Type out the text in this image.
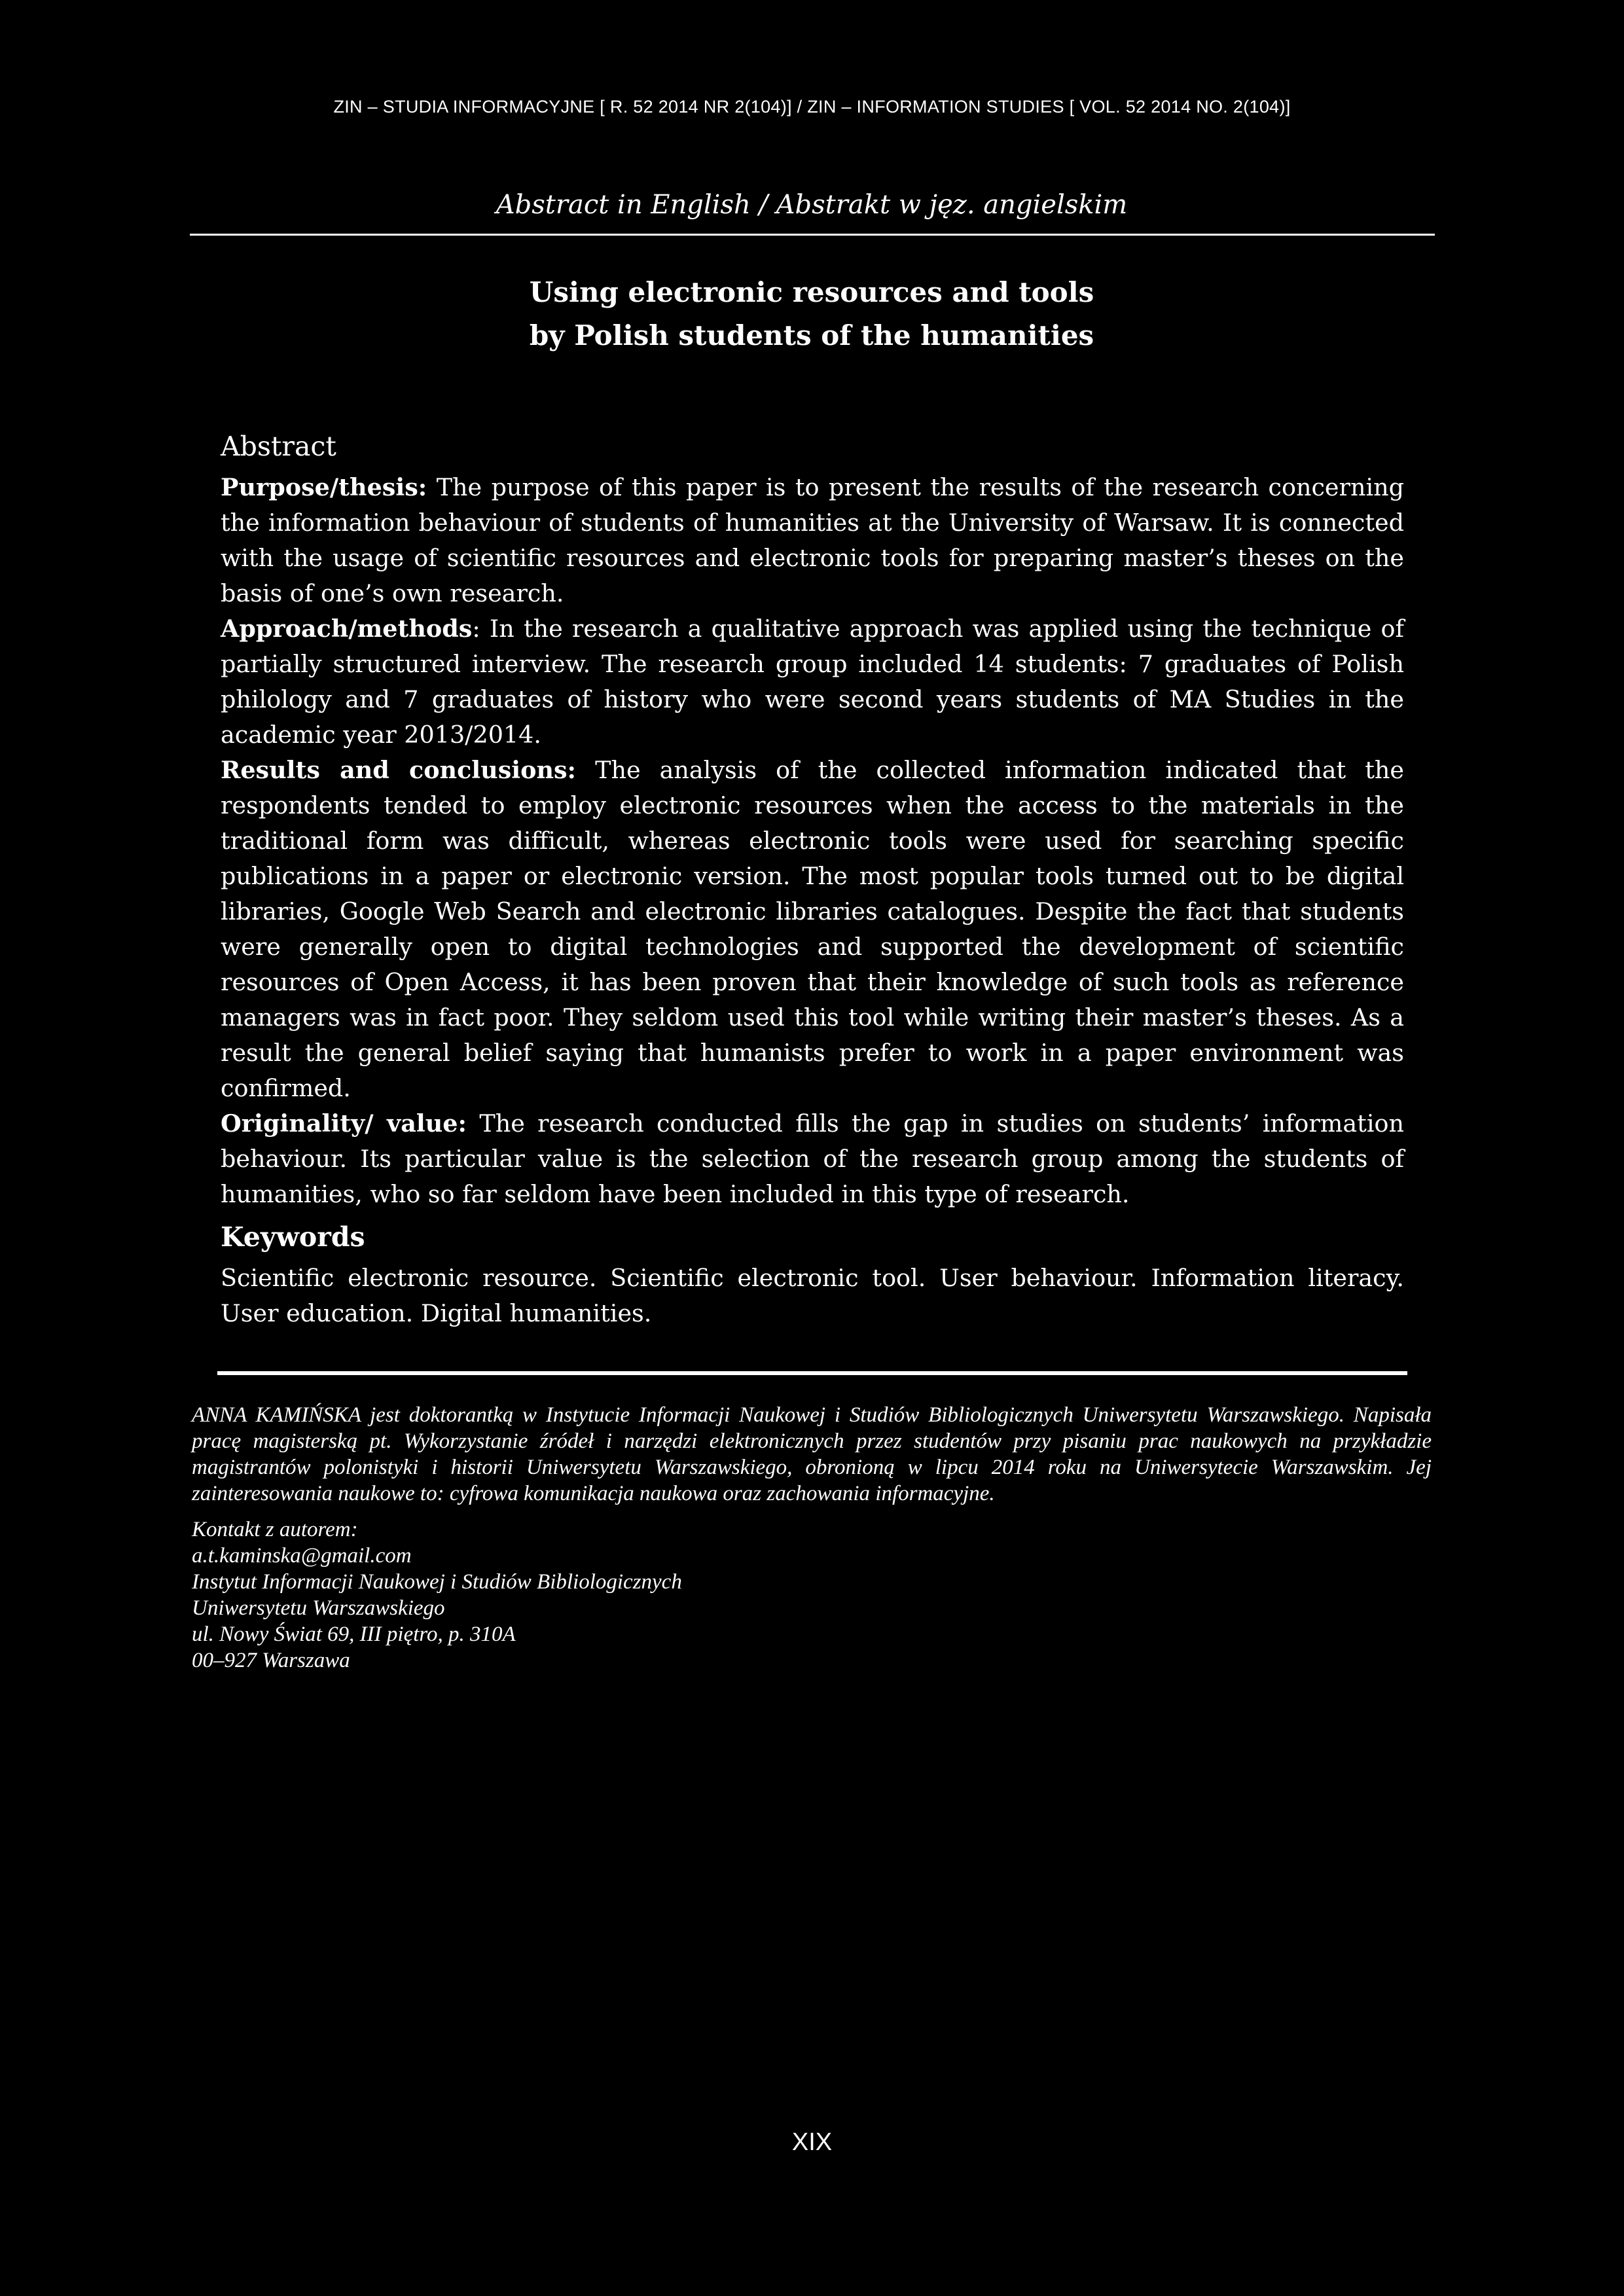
ZIN – STUDIA INFORMACYJNE [ R. 52 2014 NR 2(104)] / ZIN – INFORMATION STUDIES [ VOL. 52 2014 NO. 2(104)]
Abstract in English / Abstrakt w jęz. angielskim
Using electronic resources and tools
by Polish students of the humanities
Abstract

Purpose/thesis: The purpose of this paper is to present the results of the research concerning the information behaviour of students of humanities at the University of Warsaw. It is connected with the usage of scientific resources and electronic tools for preparing master’s theses on the basis of one’s own research.

Approach/methods: In the research a qualitative approach was applied using the technique of partially structured interview. The research group included 14 students: 7 graduates of Polish philology and 7 graduates of history who were second years students of MA Studies in the academic year 2013/2014.

Results and conclusions: The analysis of the collected information indicated that the respondents tended to employ electronic resources when the access to the materials in the traditional form was difficult, whereas electronic tools were used for searching specific publications in a paper or electronic version. The most popular tools turned out to be digital libraries, Google Web Search and electronic libraries catalogues. Despite the fact that students were generally open to digital technologies and supported the development of scientific resources of Open Access, it has been proven that their knowledge of such tools as reference managers was in fact poor. They seldom used this tool while writing their master’s theses. As a result the general belief saying that humanists prefer to work in a paper environment was confirmed.

Originality/ value: The research conducted fills the gap in studies on students’ information behaviour. Its particular value is the selection of the research group among the students of humanities, who so far seldom have been included in this type of research.

Keywords

Scientific electronic resource. Scientific electronic tool. User behaviour. Information literacy. User education. Digital humanities.

ANNA KAMIŃSKA jest doktorantką w Instytucie Informacji Naukowej i Studiów Bibliologicznych Uniwersytetu Warszawskiego. Napisała pracę magisterską pt. Wykorzystanie źródeł i narzędzi elektronicznych przez studentów przy pisaniu prac naukowych na przykładzie magistrantów polonistyki i historii Uniwersytetu Warszawskiego, obronioną w lipcu 2014 roku na Uniwersytecie Warszawskim. Jej zainteresowania naukowe to: cyfrowa komunikacja naukowa oraz zachowania informacyjne.

Kontakt z autorem:
a.t.kaminska@gmail.com
Instytut Informacji Naukowej i Studiów Bibliologicznych
Uniwersytetu Warszawskiego
ul. Nowy Świat 69, III piętro, p. 310A
00–927 Warszawa
XIX
